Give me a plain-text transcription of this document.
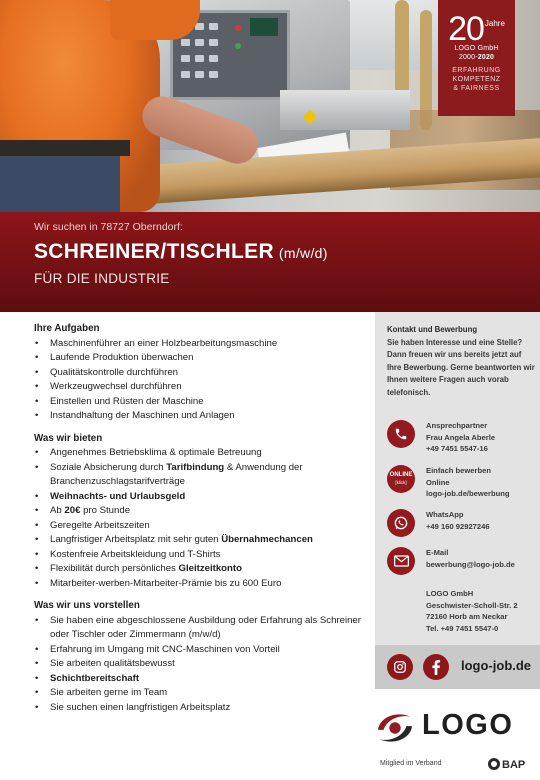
$20^{Jahre}$
LOGO GmbH
2000-2020
ERFAHRUNG
KOMPETENZ
& FAIRNESS
Wir suchen in 78727 Oberndorf:
SCHREINER/TISCHLER (m/w/d)
FÜR DIE INDUSTRIE
Ihre Aufgaben
• Maschinenführer an einer Holzbearbeitungsmaschine
• Laufende Produktion überwachen
• Qualitätskontrolle durchführen
• Werkzeugwechsel durchführen
• Einstellen und Rüsten der Maschine
• Instandhaltung der Maschinen und Anlagen
Was wir bieten
• Angenehmes Betriebsklima & optimale Betreuung
• Soziale Absicherung durch Tarifbindung & Anwendung der Branchenzuschlagstarifverträge
• Weihnachts- und Urlaubsgeld
• Ab 20€ pro Stunde
• Geregelte Arbeitszeiten
• Langfristiger Arbeitsplatz mit sehr guten Übernahmechancen
• Kostenfreie Arbeitskleidung und T-Shirts
• Flexibilität durch persönliches Gleitzeitkonto
• Mitarbeiter-werben-Mitarbeiter-Prämie bis zu 600 Euro
Was wir uns vorstellen
• Sie haben eine abgeschlossene Ausbildung oder Erfahrung als Schreiner oder Tischler oder Zimmermann (m/w/d)
• Erfahrung im Umgang mit CNC-Maschinen von Vorteil
• Sie arbeiten qualitätsbewusst
• Schichtbereitschaft
• Sie arbeiten gerne im Team
• Sie suchen einen langfristigen Arbeitsplatz
Kontakt und Bewerbung
Sie haben Interesse und eine Stelle? Dann freuen wir uns bereits jetzt auf Ihre Bewerbung. Gerne beantworten wir Ihnen weitere Fragen auch vorab telefonisch.
Ansprechpartner
Frau Angela Aberle
+49 7451 5547-16
ONLINE
[klick]
Einfach bewerben
Online
logo-job.de/bewerbung
WhatsApp
+49 160 92927246
E-Mail
bewerbung@logo-job.de
LOGO GmbH
Geschwister-Scholl-Str. 2
72160 Horb am Neckar
Tel. +49 7451 5547-0
logo-job.de
LOGO
Mitglied im Verband	BAP
